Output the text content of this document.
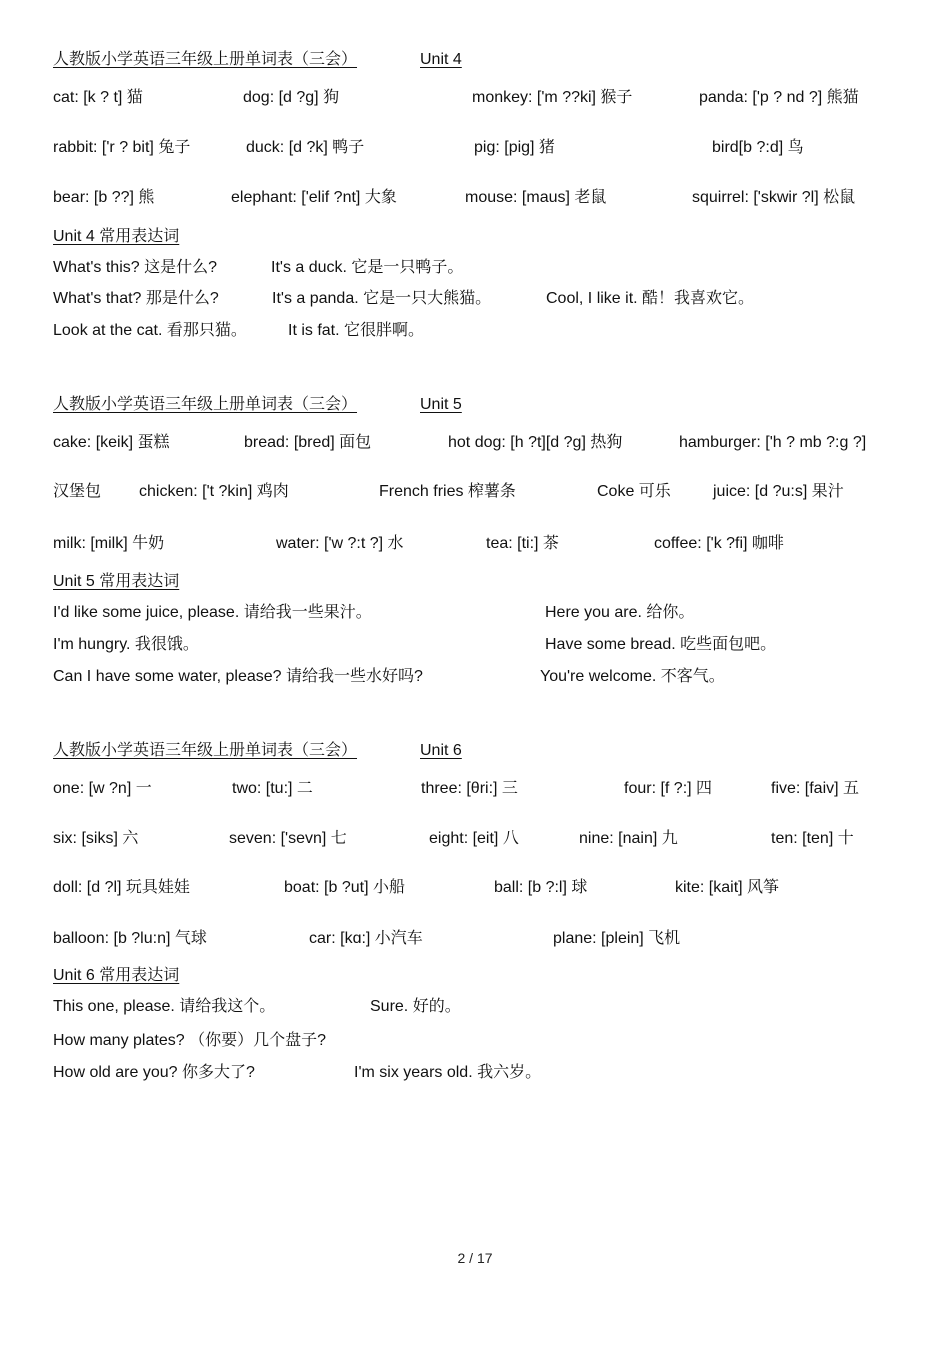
人教版小学英语三年级上册单词表（三会）	Unit 4
cat: [k ? t] 猫	dog: [d ?g] 狗	monkey: ['m ??ki] 猴子	panda: ['p ? nd ?] 熊猫
rabbit: ['r ? bit] 兔子	duck: [d ?k] 鸭子	pig: [pig] 猪	bird[b ?:d] 鸟
bear: [b ??] 熊	elephant: ['elif ?nt] 大象	mouse: [maus] 老鼠	squirrel: ['skwir ?l] 松鼠
Unit 4 常用表达词
What's this? 这是什么?	It's a duck. 它是一只鸭子。
What's that? 那是什么?	It's a panda. 它是一只大熊猫。	Cool, I like it. 酷！我喜欢它。
Look at the cat. 看那只猫。	It is fat. 它很胖啊。
人教版小学英语三年级上册单词表（三会）	Unit 5
cake: [keik] 蛋糕	bread: [bred] 面包	hot dog: [h ?t][d ?g] 热狗	hamburger: ['h ? mb ?:g ?]
汉堡包 chicken: ['t ?kin] 鸡肉	French fries 榨薯条	Coke 可乐	juice: [d ?u:s] 果汁
milk: [milk] 牛奶	water: ['w ?:t ?] 水	tea: [ti:] 茶	coffee: ['k ?fi] 咖啡
Unit 5 常用表达词
I'd like some juice, please. 请给我一些果汁。	Here you are. 给你。
I'm hungry. 我很饿。	Have some bread. 吃些面包吧。
Can I have some water, please? 请给我一些水好吗?	You're welcome. 不客气。
人教版小学英语三年级上册单词表（三会）	Unit 6
one: [w ?n] 一	two: [tu:] 二	three: [θri:] 三	four: [f ?:] 四	five: [faiv] 五
six: [siks] 六	seven: ['sevn] 七	eight: [eit] 八	nine: [nain] 九	ten: [ten] 十
doll: [d ?l] 玩具娃娃	boat: [b ?ut] 小船	ball: [b ?:l] 球	kite: [kait] 风筝
balloon: [b ?lu:n] 气球	car: [kɑ:] 小汽车	plane: [plein] 飞机
Unit 6 常用表达词
This one, please. 请给我这个。	Sure. 好的。
How many plates? （你要）几个盘子?
How old are you? 你多大了?	I'm six years old. 我六岁。
2 / 17
